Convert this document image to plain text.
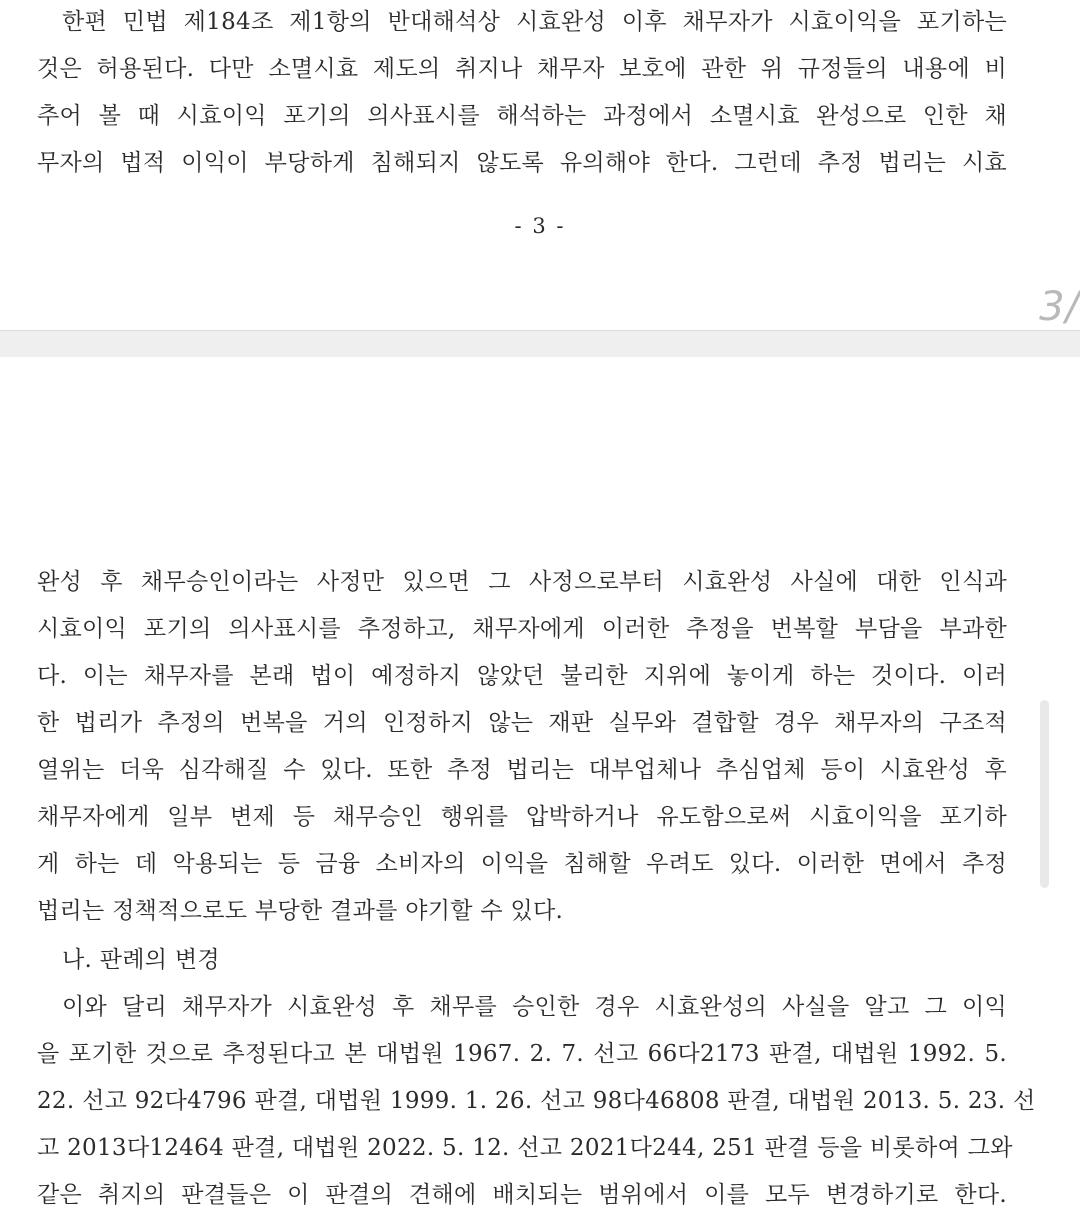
한편 민법 제184조 제1항의 반대해석상 시효완성 이후 채무자가 시효이익을 포기하는
것은 허용된다. 다만 소멸시효 제도의 취지나 채무자 보호에 관한 위 규정들의 내용에 비
추어 볼 때 시효이익 포기의 의사표시를 해석하는 과정에서 소멸시효 완성으로 인한 채
무자의 법적 이익이 부당하게 침해되지 않도록 유의해야 한다. 그런데 추정 법리는 시효
- 3 -
3/
완성 후 채무승인이라는 사정만 있으면 그 사정으로부터 시효완성 사실에 대한 인식과
시효이익 포기의 의사표시를 추정하고, 채무자에게 이러한 추정을 번복할 부담을 부과한
다. 이는 채무자를 본래 법이 예정하지 않았던 불리한 지위에 놓이게 하는 것이다. 이러
한 법리가 추정의 번복을 거의 인정하지 않는 재판 실무와 결합할 경우 채무자의 구조적
열위는 더욱 심각해질 수 있다. 또한 추정 법리는 대부업체나 추심업체 등이 시효완성 후
채무자에게 일부 변제 등 채무승인 행위를 압박하거나 유도함으로써 시효이익을 포기하
게 하는 데 악용되는 등 금융 소비자의 이익을 침해할 우려도 있다. 이러한 면에서 추정
법리는 정책적으로도 부당한 결과를 야기할 수 있다.
나. 판례의 변경
이와 달리 채무자가 시효완성 후 채무를 승인한 경우 시효완성의 사실을 알고 그 이익
을 포기한 것으로 추정된다고 본 대법원 1967. 2. 7. 선고 66다2173 판결, 대법원 1992. 5.
22. 선고 92다4796 판결, 대법원 1999. 1. 26. 선고 98다46808 판결, 대법원 2013. 5. 23. 선
고 2013다12464 판결, 대법원 2022. 5. 12. 선고 2021다244, 251 판결 등을 비롯하여 그와
같은 취지의 판결들은 이 판결의 견해에 배치되는 범위에서 이를 모두 변경하기로 한다.
